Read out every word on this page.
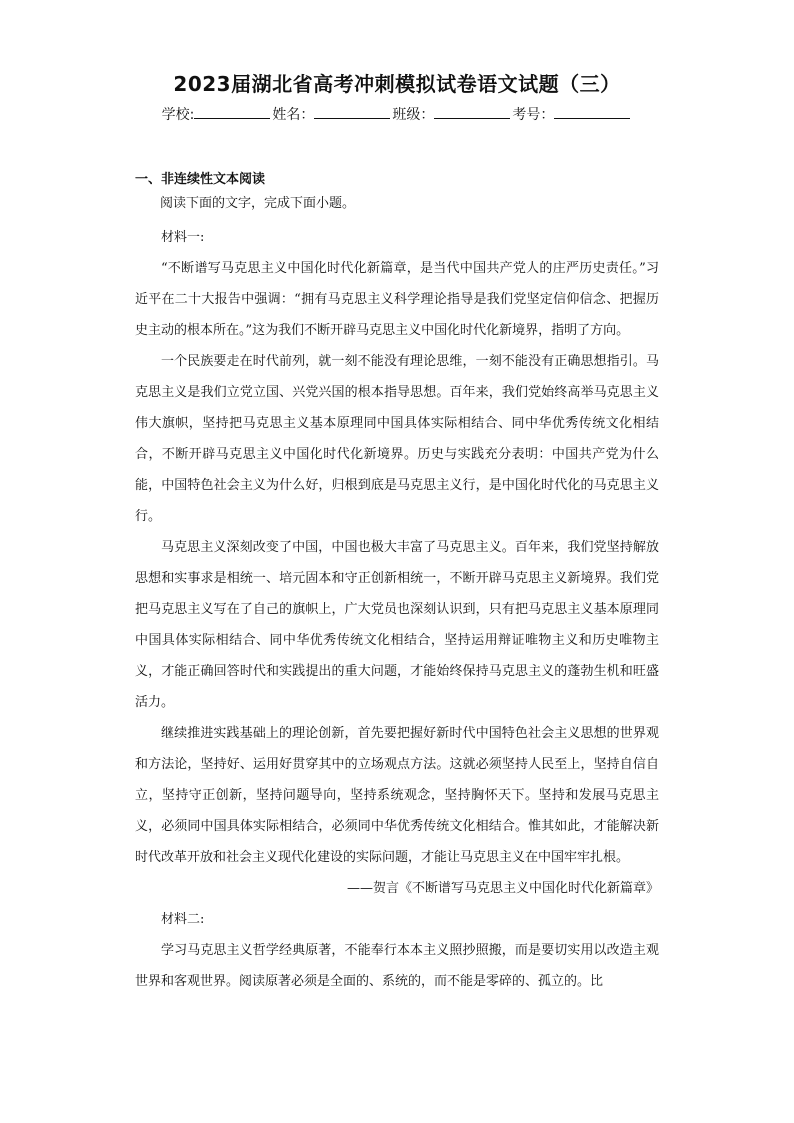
2023届湖北省高考冲刺模拟试卷语文试题（三）
学校:	姓名：	班级：	考号：
一、非连续性文本阅读
阅读下面的文字，完成下面小题。

材料一:

“不断谱写马克思主义中国化时代化新篇章，是当代中国共产党人的庄严历史责任。”习近平在二十大报告中强调：“拥有马克思主义科学理论指导是我们党坚定信仰信念、把握历史主动的根本所在。”这为我们不断开辟马克思主义中国化时代化新境界，指明了方向。

一个民族要走在时代前列，就一刻不能没有理论思维，一刻不能没有正确思想指引。马克思主义是我们立党立国、兴党兴国的根本指导思想。百年来，我们党始终高举马克思主义伟大旗帜，坚持把马克思主义基本原理同中国具体实际相结合、同中华优秀传统文化相结合，不断开辟马克思主义中国化时代化新境界。历史与实践充分表明：中国共产党为什么能，中国特色社会主义为什么好，归根到底是马克思主义行，是中国化时代化的马克思主义行。

马克思主义深刻改变了中国，中国也极大丰富了马克思主义。百年来，我们党坚持解放思想和实事求是相统一、培元固本和守正创新相统一，不断开辟马克思主义新境界。我们党把马克思主义写在了自己的旗帜上，广大党员也深刻认识到，只有把马克思主义基本原理同中国具体实际相结合、同中华优秀传统文化相结合，坚持运用辩证唯物主义和历史唯物主义，才能正确回答时代和实践提出的重大问题，才能始终保持马克思主义的蓬勃生机和旺盛活力。

继续推进实践基础上的理论创新，首先要把握好新时代中国特色社会主义思想的世界观和方法论，坚持好、运用好贯穿其中的立场观点方法。这就必须坚持人民至上，坚持自信自立，坚持守正创新，坚持问题导向，坚持系统观念，坚持胸怀天下。坚持和发展马克思主义，必须同中国具体实际相结合，必须同中华优秀传统文化相结合。惟其如此，才能解决新时代改革开放和社会主义现代化建设的实际问题，才能让马克思主义在中国牢牢扎根。

——贺言《不断谱写马克思主义中国化时代化新篇章》

材料二:

学习马克思主义哲学经典原著，不能奉行本本主义照抄照搬，而是要切实用以改造主观世界和客观世界。阅读原著必须是全面的、系统的，而不能是零碎的、孤立的。比
